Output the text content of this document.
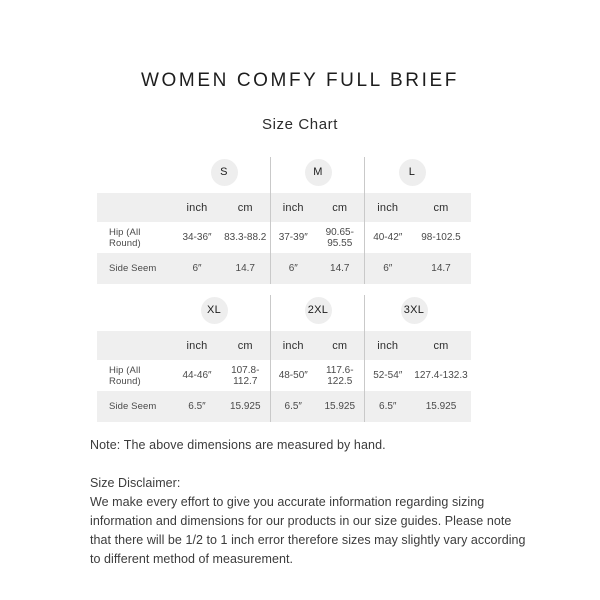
WOMEN COMFY FULL BRIEF
Size Chart
S	M	L
	inch	cm	inch	cm	inch	cm
Hip (All Round)	34-36″	83.3-88.2	37-39″	90.65-95.55	40-42″	98-102.5
Side Seem	6″	14.7	6″	14.7	6″	14.7
XL	2XL	3XL
	inch	cm	inch	cm	inch	cm
Hip (All Round)	44-46″	107.8-112.7	48-50″	117.6-122.5	52-54″	127.4-132.3
Side Seem	6.5″	15.925	6.5″	15.925	6.5″	15.925
Note: The above dimensions are measured by hand.
Size Disclaimer:
We make every effort to give you accurate information regarding sizing information and dimensions for our products in our size guides. Please note that there will be 1/2 to 1 inch error therefore sizes may slightly vary according to different method of measurement.
